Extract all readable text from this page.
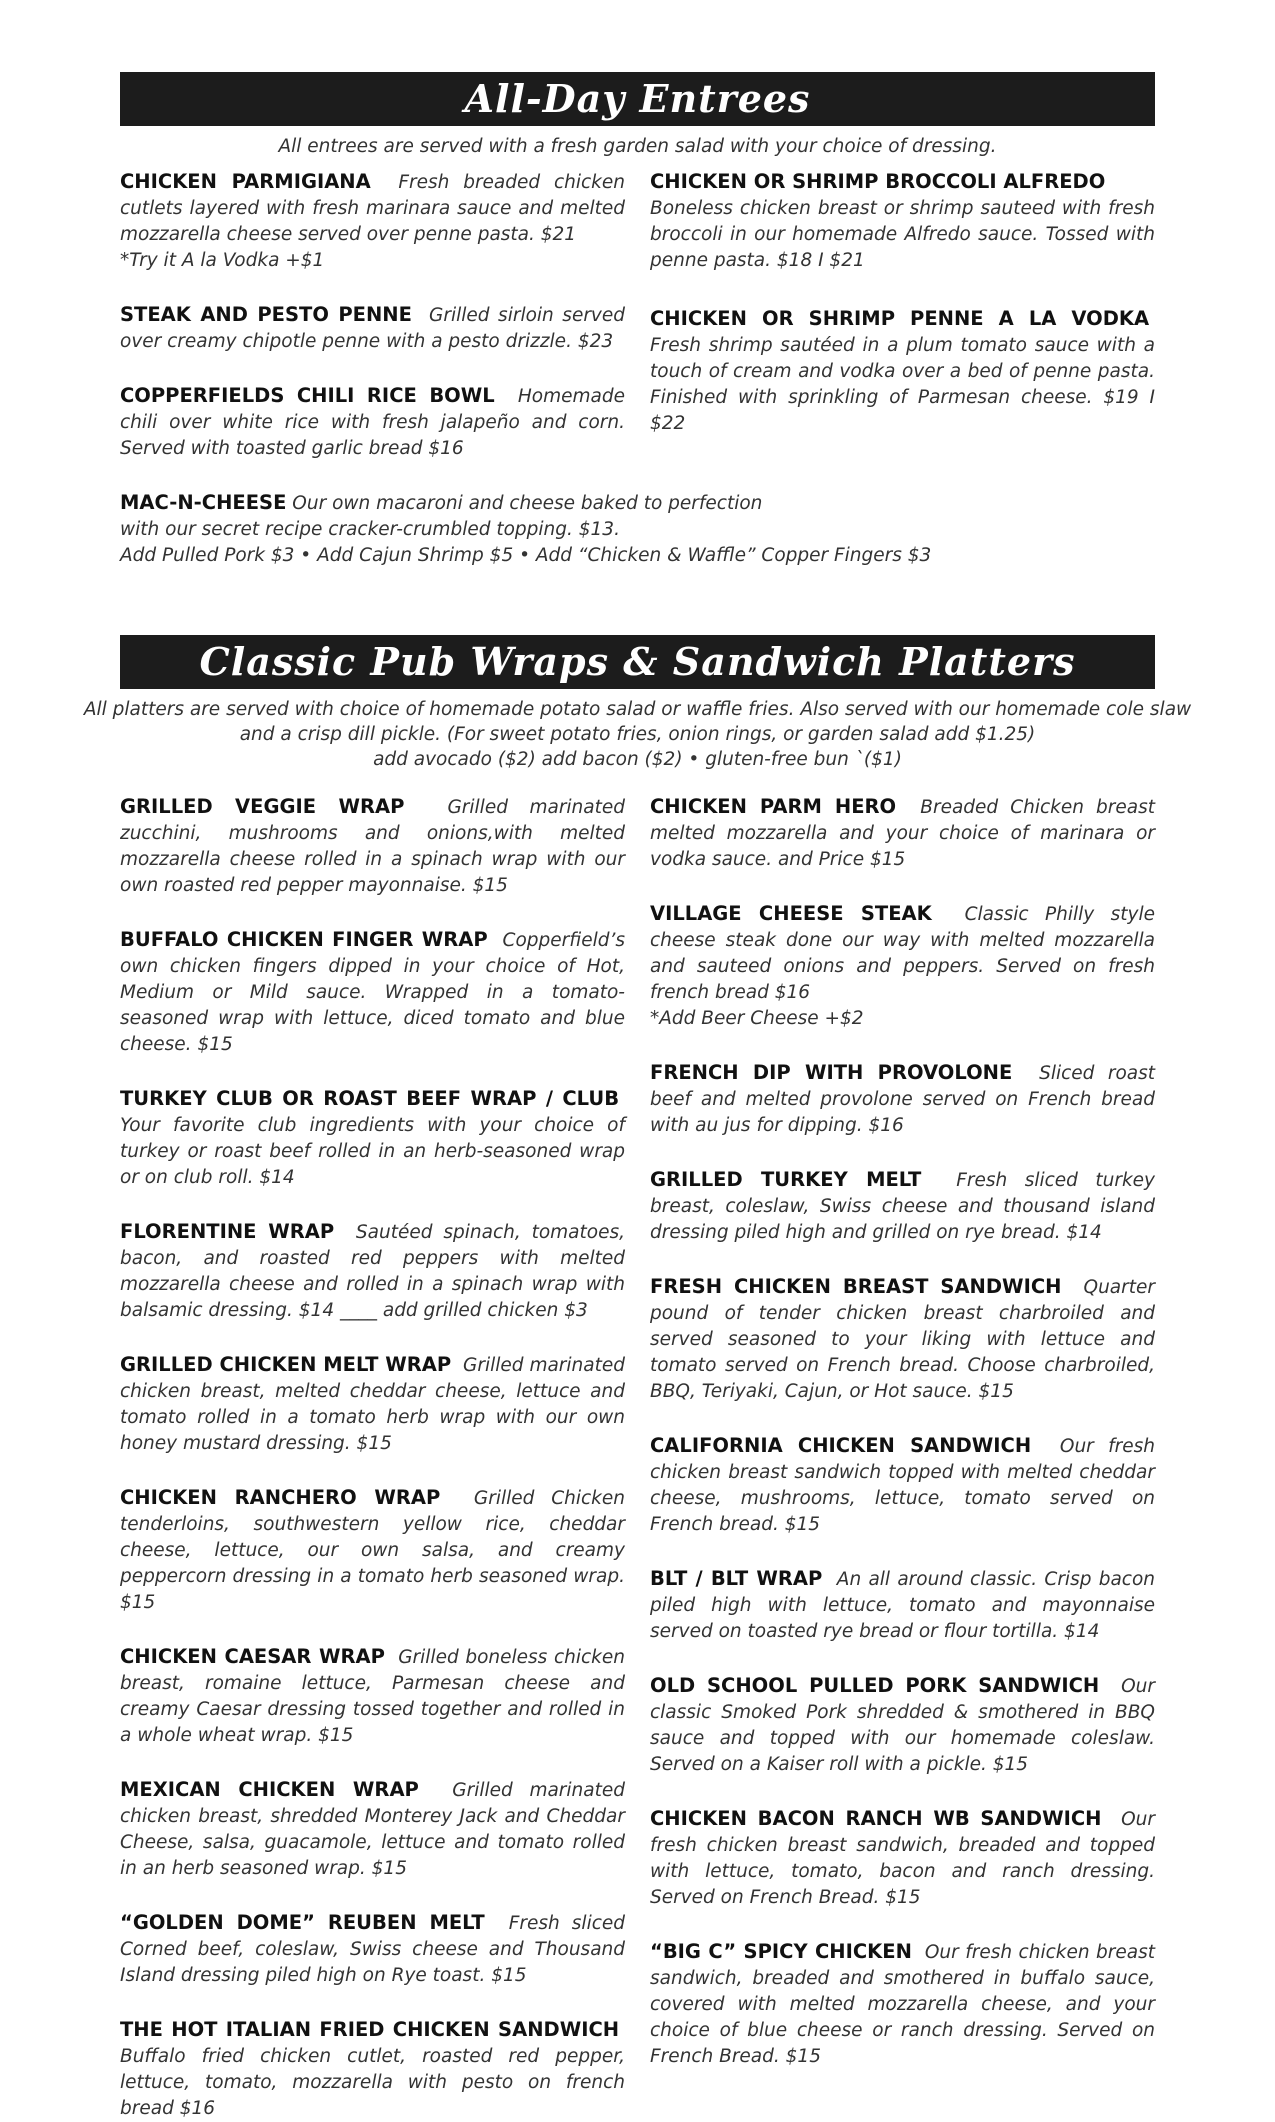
All-Day Entrees
All entrees are served with a fresh garden salad with your choice of dressing.
CHICKEN PARMIGIANA Fresh breaded chicken cutlets layered with fresh marinara sauce and melted mozzarella cheese served over penne pasta. $21
*Try it A la Vodka +$1
STEAK AND PESTO PENNE Grilled sirloin served over creamy chipotle penne with a pesto drizzle. $23
COPPERFIELDS CHILI RICE BOWL Homemade chili over white rice with fresh jalapeño and corn. Served with toasted garlic bread $16
CHICKEN OR SHRIMP BROCCOLI ALFREDO
Boneless chicken breast or shrimp sauteed with fresh broccoli in our homemade Alfredo sauce. Tossed with penne pasta. $18 I $21
CHICKEN OR SHRIMP PENNE A LA VODKA  Fresh shrimp sautéed in a plum tomato sauce with a touch of cream and vodka over a bed of penne pasta. Finished with sprinkling of Parmesan cheese. $19 I $22
MAC-N-CHEESE Our own macaroni and cheese baked to perfection
with our secret recipe cracker-crumbled topping. $13.
Add Pulled Pork $3 • Add Cajun Shrimp $5 • Add “Chicken & Waffle” Copper Fingers $3
Classic Pub Wraps & Sandwich Platters
All platters are served with choice of homemade potato salad or waffle fries. Also served with our homemade cole slaw
and a crisp dill pickle. (For sweet potato fries, onion rings, or garden salad add $1.25)
add avocado ($2) add bacon ($2) • gluten-free bun `($1)
GRILLED VEGGIE WRAP Grilled marinated zucchini, mushrooms and onions,with melted mozzarella cheese rolled in a spinach wrap with our own roasted red pepper mayonnaise. $15
BUFFALO CHICKEN FINGER WRAP Copperfield’s own chicken fingers dipped in your choice of Hot, Medium or Mild sauce. Wrapped in a tomato-seasoned wrap with lettuce, diced tomato and blue cheese. $15
TURKEY CLUB OR ROAST BEEF WRAP / CLUB  Your favorite club ingredients with your choice of turkey or roast beef rolled in an herb-seasoned wrap or on club roll. $14
FLORENTINE WRAP Sautéed spinach, tomatoes, bacon, and roasted red peppers with melted mozzarella cheese and rolled in a spinach wrap with balsamic dressing. $14 ____ add grilled chicken $3
GRILLED CHICKEN MELT WRAP Grilled marinated chicken breast, melted cheddar cheese, lettuce and tomato rolled in a tomato herb wrap with our own honey mustard dressing. $15
CHICKEN RANCHERO WRAP Grilled Chicken tenderloins, southwestern yellow rice, cheddar cheese, lettuce, our own salsa, and creamy peppercorn dressing in a tomato herb seasoned wrap. $15
CHICKEN CAESAR WRAP Grilled boneless chicken breast, romaine lettuce, Parmesan cheese and creamy Caesar dressing tossed together and rolled in a whole wheat wrap. $15
MEXICAN CHICKEN WRAP Grilled marinated chicken breast, shredded Monterey Jack and Cheddar Cheese, salsa, guacamole, lettuce and tomato rolled in an herb seasoned wrap. $15
“GOLDEN DOME” REUBEN MELT Fresh sliced Corned beef, coleslaw, Swiss cheese and Thousand Island dressing piled high on Rye toast. $15
THE HOT ITALIAN FRIED CHICKEN SANDWICH  Buffalo fried chicken cutlet, roasted red pepper, lettuce, tomato, mozzarella with pesto on french bread $16
CHICKEN PARM HERO Breaded Chicken breast melted mozzarella and your choice of marinara or vodka sauce. and Price $15
VILLAGE CHEESE STEAK Classic Philly style cheese steak done our way with melted mozzarella and sauteed onions and peppers. Served on fresh french bread $16
*Add Beer Cheese +$2
FRENCH DIP WITH PROVOLONE Sliced roast beef and melted provolone served on French bread with au jus for dipping. $16
GRILLED TURKEY MELT Fresh sliced turkey breast, coleslaw, Swiss cheese and thousand island dressing piled high and grilled on rye bread. $14
FRESH CHICKEN BREAST SANDWICH Quarter pound of tender chicken breast charbroiled and served seasoned to your liking with lettuce and tomato served on French bread. Choose charbroiled, BBQ, Teriyaki, Cajun, or Hot sauce. $15
CALIFORNIA CHICKEN SANDWICH Our fresh chicken breast sandwich topped with melted cheddar cheese, mushrooms, lettuce, tomato served on French bread. $15
BLT / BLT WRAP An all around classic. Crisp bacon piled high with lettuce, tomato and mayonnaise served on toasted rye bread or flour tortilla. $14
OLD SCHOOL PULLED PORK SANDWICH Our classic Smoked Pork shredded & smothered in BBQ sauce and topped with our homemade coleslaw. Served on a Kaiser roll with a pickle. $15
CHICKEN BACON RANCH WB SANDWICH Our fresh chicken breast sandwich, breaded and topped with lettuce, tomato, bacon and ranch dressing. Served on French Bread. $15
“BIG C” SPICY CHICKEN Our fresh chicken breast sandwich, breaded and smothered in buffalo sauce, covered with melted mozzarella cheese, and your choice of blue cheese or ranch dressing. Served on French Bread. $15
